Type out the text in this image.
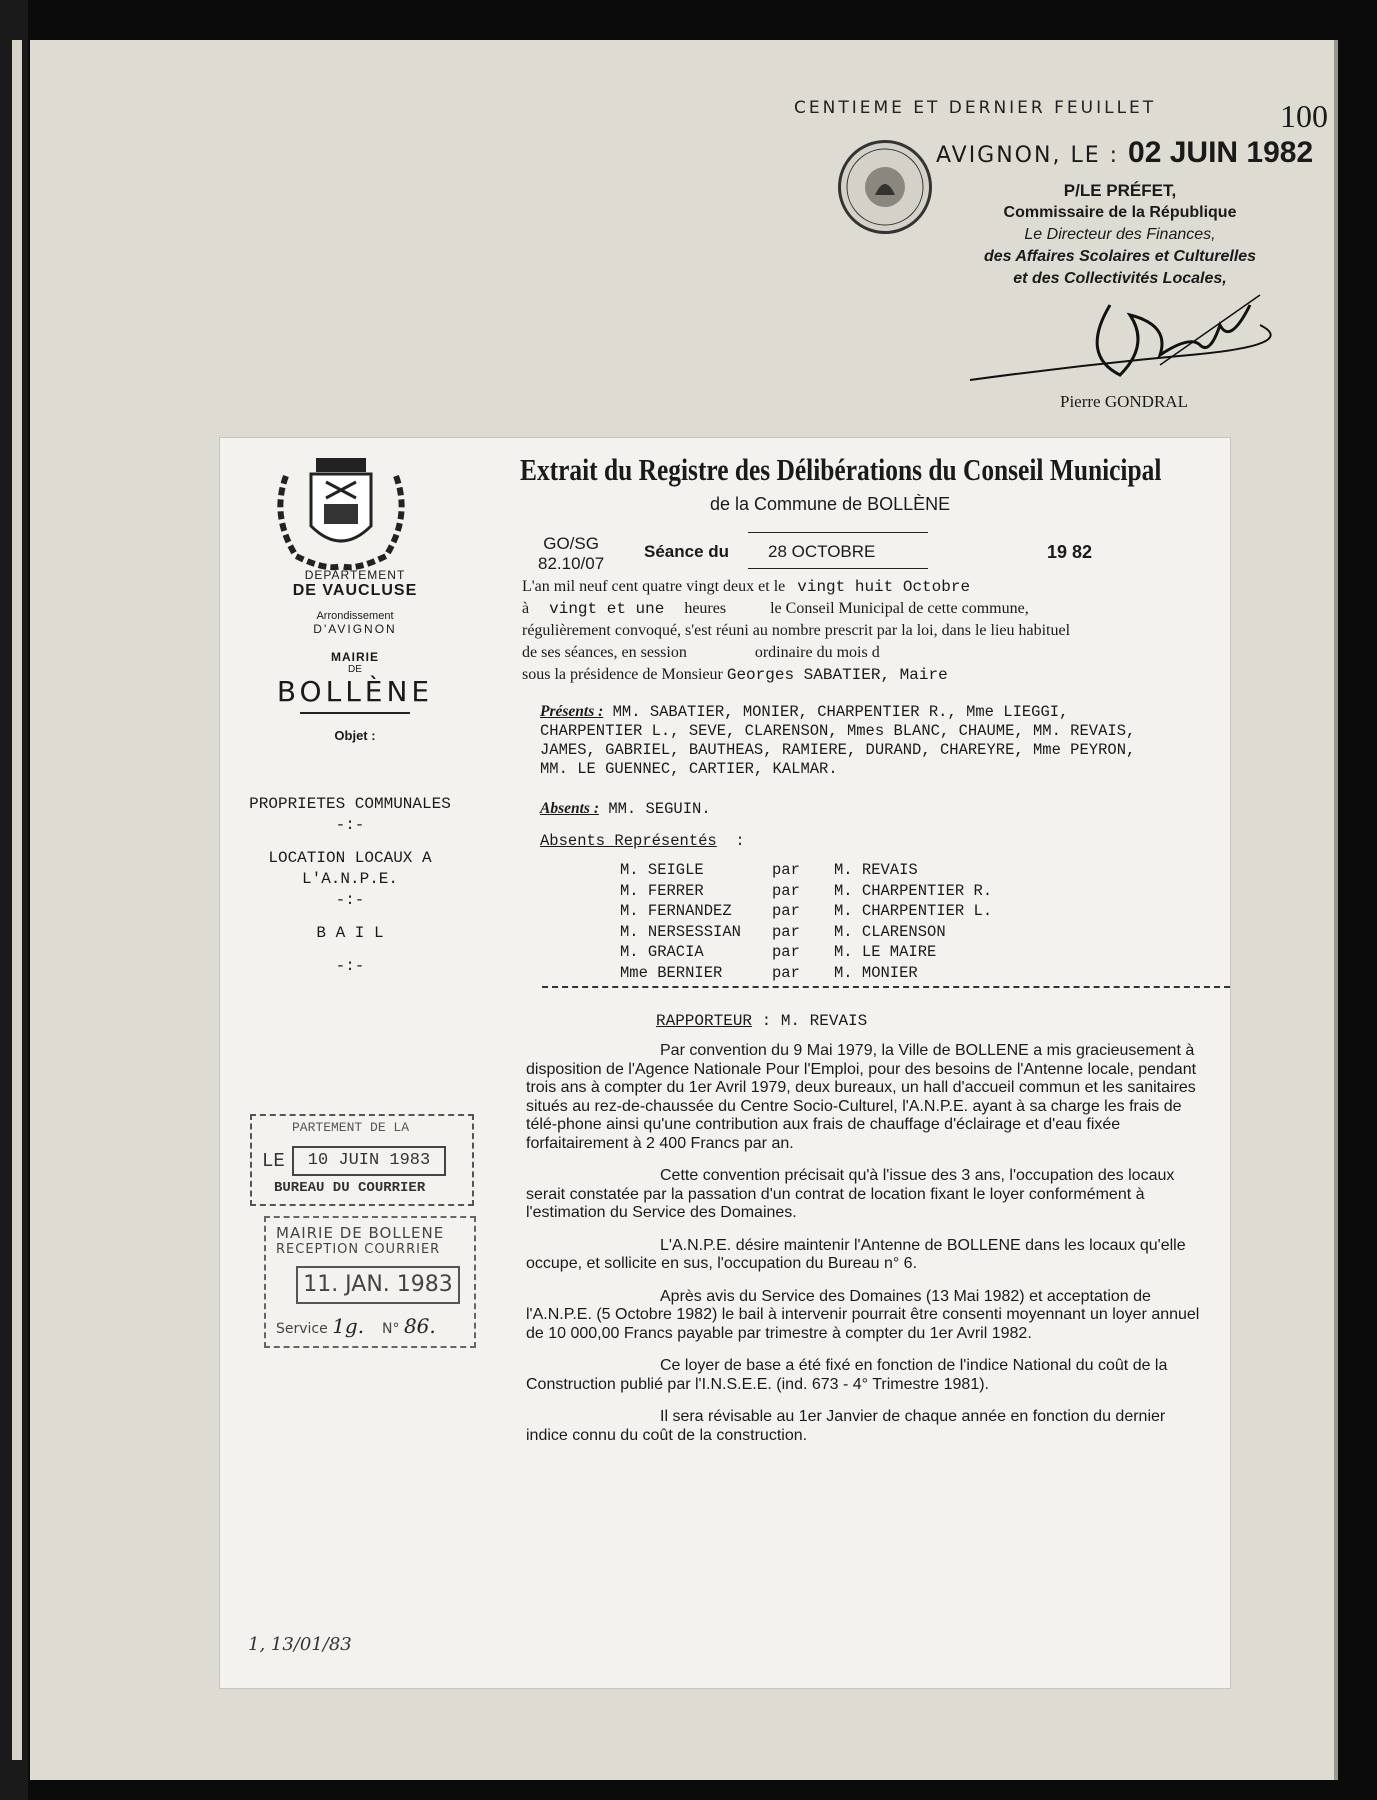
CENTIEME ET DERNIER FEUILLET	100
AVIGNON, LE : 02 JUIN 1982
P/LE PRÉFET,
Commissaire de la République
Le Directeur des Finances,
des Affaires Scolaires et Culturelles
et des Collectivités Locales,
Pierre GONDRAL
DEPARTEMENT
DE VAUCLUSE
Arrondissement
D'AVIGNON
MAIRIE
DE
BOLLÈNE
Objet :
PROPRIETES COMMUNALES
-:-
LOCATION LOCAUX A
L'A.N.P.E.
-:-
B A I L
-:-
PARTEMENT DE LA
LE	10 JUIN 1983
BUREAU DU COURRIER
MAIRIE DE BOLLENE
RECEPTION COURRIER
11. JAN. 1983
Service 1g. N° 86.
1, 13/01/83
Extrait du Registre des Délibérations du Conseil Municipal
de la Commune de BOLLÈNE
GO/SG
82.10/07
Séance du 28 OCTOBRE	19 82
L'an mil neuf cent quatre vingt deux et le vingt huit Octobre
à vingt et une heures	le Conseil Municipal de cette commune,
régulièrement convoqué, s'est réuni au nombre prescrit par la loi, dans le lieu habituel
de ses séances, en session	ordinaire du mois d
sous la présidence de Monsieur Georges SABATIER, Maire
Présents : MM. SABATIER, MONIER, CHARPENTIER R., Mme LIEGGI,
CHARPENTIER L., SEVE, CLARENSON, Mmes BLANC, CHAUME, MM. REVAIS,
JAMES, GABRIEL, BAUTHEAS, RAMIERE, DURAND, CHAREYRE, Mme PEYRON,
MM. LE GUENNEC, CARTIER, KALMAR.
Absents : MM. SEGUIN.
Absents Représentés :
M. SEIGLE	par	M. REVAIS
M. FERRER	par	M. CHARPENTIER R.
M. FERNANDEZ	par	M. CHARPENTIER L.
M. NERSESSIAN	par	M. CLARENSON
M. GRACIA	par	M. LE MAIRE
Mme BERNIER	par	M. MONIER
RAPPORTEUR : M. REVAIS

Par convention du 9 Mai 1979, la Ville de BOLLENE a mis gracieusement à disposition de l'Agence Nationale Pour l'Emploi, pour des besoins de l'Antenne locale, pendant trois ans à compter du 1er Avril 1979, deux bureaux, un hall d'accueil commun et les sanitaires situés au rez-de-chaussée du Centre Socio-Culturel, l'A.N.P.E. ayant à sa charge les frais de télé-phone ainsi qu'une contribution aux frais de chauffage d'éclairage et d'eau fixée forfaitairement à 2 400 Francs par an.

Cette convention précisait qu'à l'issue des 3 ans, l'occupation des locaux serait constatée par la passation d'un contrat de location fixant le loyer conformément à l'estimation du Service des Domaines.

L'A.N.P.E. désire maintenir l'Antenne de BOLLENE dans les locaux qu'elle occupe, et sollicite en sus, l'occupation du Bureau n° 6.

Après avis du Service des Domaines (13 Mai 1982) et acceptation de l'A.N.P.E. (5 Octobre 1982) le bail à intervenir pourrait être consenti moyennant un loyer annuel de 10 000,00 Francs payable par trimestre à compter du 1er Avril 1982.

Ce loyer de base a été fixé en fonction de l'indice National du coût de la Construction publié par l'I.N.S.E.E. (ind. 673 - 4° Trimestre 1981).

Il sera révisable au 1er Janvier de chaque année en fonction du dernier indice connu du coût de la construction.
